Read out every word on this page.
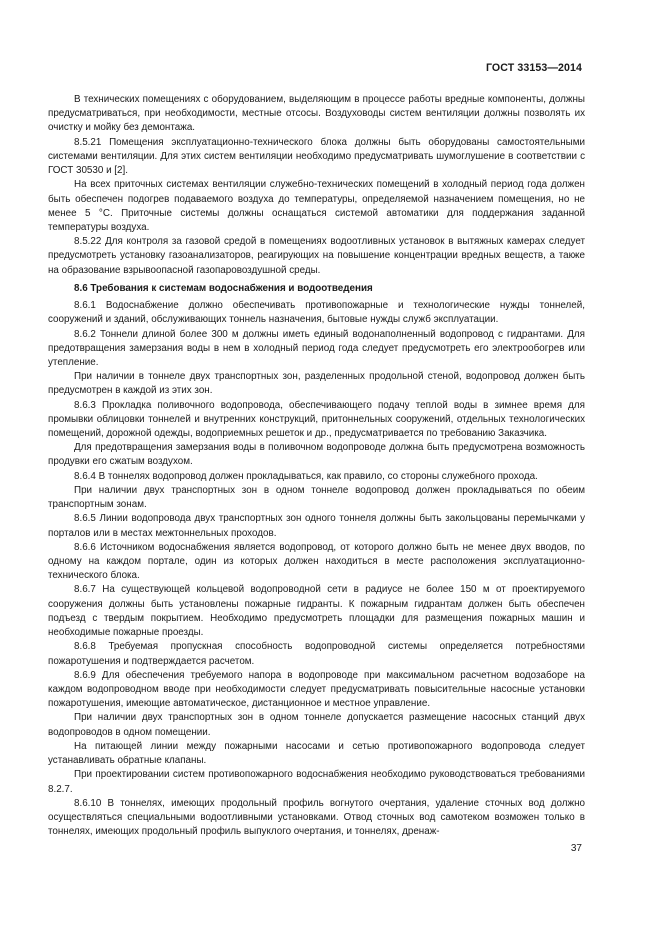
ГОСТ 33153—2014

В технических помещениях с оборудованием, выделяющим в процессе работы вредные компоненты, должны предусматриваться, при необходимости, местные отсосы. Воздуховоды систем вентиляции должны позволять их очистку и мойку без демонтажа.

8.5.21 Помещения эксплуатационно-технического блока должны быть оборудованы самостоятельными системами вентиляции. Для этих систем вентиляции необходимо предусматривать шумоглушение в соответствии с ГОСТ 30530 и [2].

На всех приточных системах вентиляции служебно-технических помещений в холодный период года должен быть обеспечен подогрев подаваемого воздуха до температуры, определяемой назначением помещения, но не менее 5 °С. Приточные системы должны оснащаться системой автоматики для поддержания заданной температуры воздуха.

8.5.22 Для контроля за газовой средой в помещениях водоотливных установок в вытяжных камерах следует предусмотреть установку газоанализаторов, реагирующих на повышение концентрации вредных веществ, а также на образование взрывоопасной газопаровоздушной среды.

8.6 Требования к системам водоснабжения и водоотведения

8.6.1 Водоснабжение должно обеспечивать противопожарные и технологические нужды тоннелей, сооружений и зданий, обслуживающих тоннель назначения, бытовые нужды служб эксплуатации.

8.6.2 Тоннели длиной более 300 м должны иметь единый водонаполненный водопровод с гидрантами. Для предотвращения замерзания воды в нем в холодный период года следует предусмотреть его электрообогрев или утепление.

При наличии в тоннеле двух транспортных зон, разделенных продольной стеной, водопровод должен быть предусмотрен в каждой из этих зон.

8.6.3 Прокладка поливочного водопровода, обеспечивающего подачу теплой воды в зимнее время для промывки облицовки тоннелей и внутренних конструкций, притоннельных сооружений, отдельных технологических помещений, дорожной одежды, водоприемных решеток и др., предусматривается по требованию Заказчика.

Для предотвращения замерзания воды в поливочном водопроводе должна быть предусмотрена возможность продувки его сжатым воздухом.

8.6.4 В тоннелях водопровод должен прокладываться, как правило, со стороны служебного прохода.

При наличии двух транспортных зон в одном тоннеле водопровод должен прокладываться по обеим транспортным зонам.

8.6.5 Линии водопровода двух транспортных зон одного тоннеля должны быть закольцованы перемычками у порталов или в местах межтоннельных проходов.

8.6.6 Источником водоснабжения является водопровод, от которого должно быть не менее двух вводов, по одному на каждом портале, один из которых должен находиться в месте расположения эксплуатационно-технического блока.

8.6.7 На существующей кольцевой водопроводной сети в радиусе не более 150 м от проектируемого сооружения должны быть установлены пожарные гидранты. К пожарным гидрантам должен быть обеспечен подъезд с твердым покрытием. Необходимо предусмотреть площадки для размещения пожарных машин и необходимые пожарные проезды.

8.6.8 Требуемая пропускная способность водопроводной системы определяется потребностями пожаротушения и подтверждается расчетом.

8.6.9 Для обеспечения требуемого напора в водопроводе при максимальном расчетном водозаборе на каждом водопроводном вводе при необходимости следует предусматривать повысительные насосные установки пожаротушения, имеющие автоматическое, дистанционное и местное управление.

При наличии двух транспортных зон в одном тоннеле допускается размещение насосных станций двух водопроводов в одном помещении.

На питающей линии между пожарными насосами и сетью противопожарного водопровода следует устанавливать обратные клапаны.

При проектировании систем противопожарного водоснабжения необходимо руководствоваться требованиями 8.2.7.

8.6.10 В тоннелях, имеющих продольный профиль вогнутого очертания, удаление сточных вод должно осуществляться специальными водоотливными установками. Отвод сточных вод самотеком возможен только в тоннелях, имеющих продольный профиль выпуклого очертания, и тоннелях, дренаж-

37
